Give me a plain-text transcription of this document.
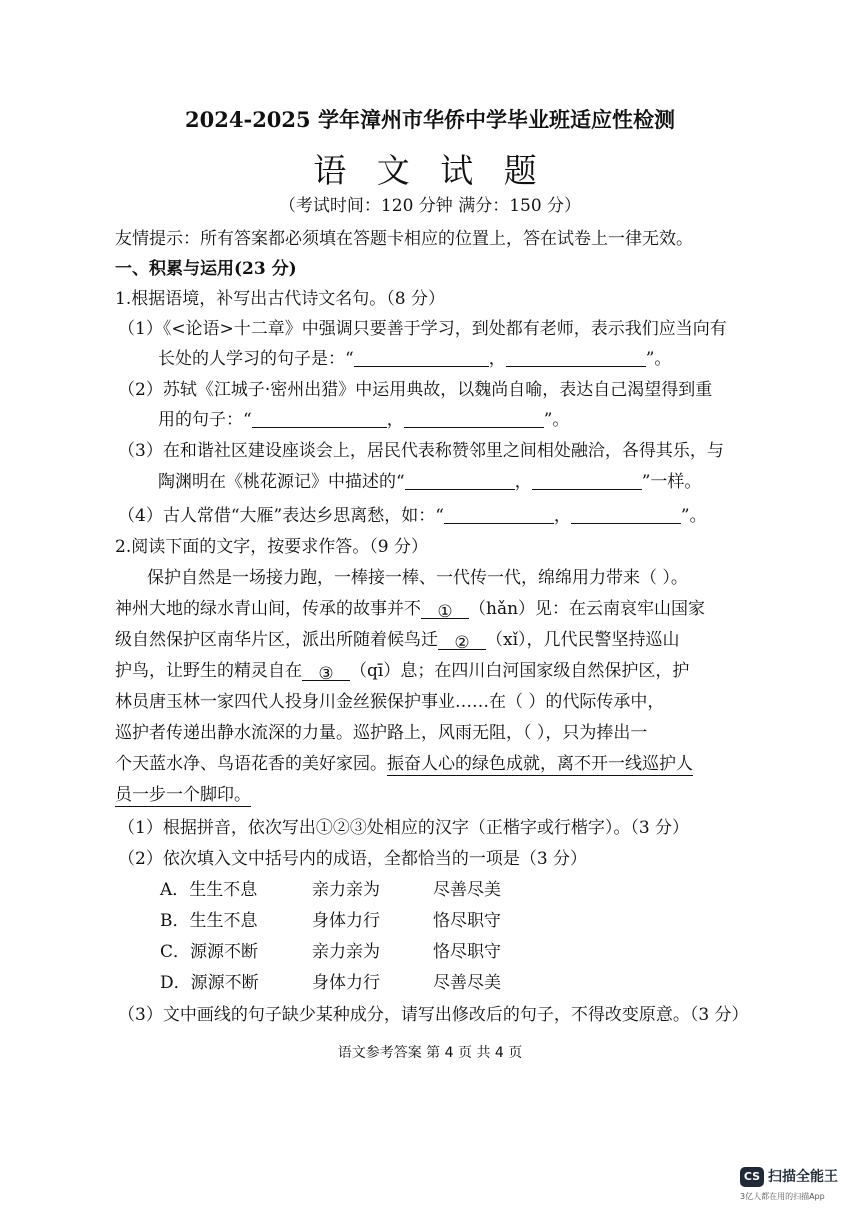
2024-2025 学年漳州市华侨中学毕业班适应性检测
语 文 试 题
（考试时间：120 分钟 满分：150 分）
友情提示：所有答案都必须填在答题卡相应的位置上，答在试卷上一律无效。
一、积累与运用(23 分)
1.根据语境，补写出古代诗文名句。（8 分）
（1）《<论语>十二章》中强调只要善于学习，到处都有老师，表示我们应当向有
长处的人学习的句子是：“	，	”。
（2）苏轼《江城子·密州出猎》中运用典故，以魏尚自喻，表达自己渴望得到重
用的句子：“	，	”。
（3）在和谐社区建设座谈会上，居民代表称赞邻里之间相处融洽，各得其乐，与
陶渊明在《桃花源记》中描述的“	，	”一样。
（4）古人常借“大雁”表达乡思离愁，如：“	，	”。
2.阅读下面的文字，按要求作答。（9 分）
保护自然是一场接力跑，一棒接一棒、一代传一代，绵绵用力带来（ ）。
神州大地的绿水青山间，传承的故事并不 ① （hǎn）见：在云南哀牢山国家
级自然保护区南华片区，派出所随着候鸟迁 ② （xǐ），几代民警坚持巡山
护鸟，让野生的精灵自在 ③ （qī）息；在四川白河国家级自然保护区，护
林员唐玉林一家四代人投身川金丝猴保护事业……在（ ）的代际传承中，
巡护者传递出静水流深的力量。巡护路上，风雨无阻，（ ），只为捧出一
个天蓝水净、鸟语花香的美好家园。振奋人心的绿色成就，离不开一线巡护人
员一步一个脚印。
（1）根据拼音，依次写出①②③处相应的汉字（正楷字或行楷字）。（3 分）
（2）依次填入文中括号内的成语，全都恰当的一项是（3 分）
A．生生不息	亲力亲为	尽善尽美
B．生生不息	身体力行	恪尽职守
C．源源不断	亲力亲为	恪尽职守
D．源源不断	身体力行	尽善尽美
（3）文中画线的句子缺少某种成分，请写出修改后的句子，不得改变原意。（3 分）
语文参考答案 第 4 页 共 4 页
CS 扫描全能王
3亿人都在用的扫描App
